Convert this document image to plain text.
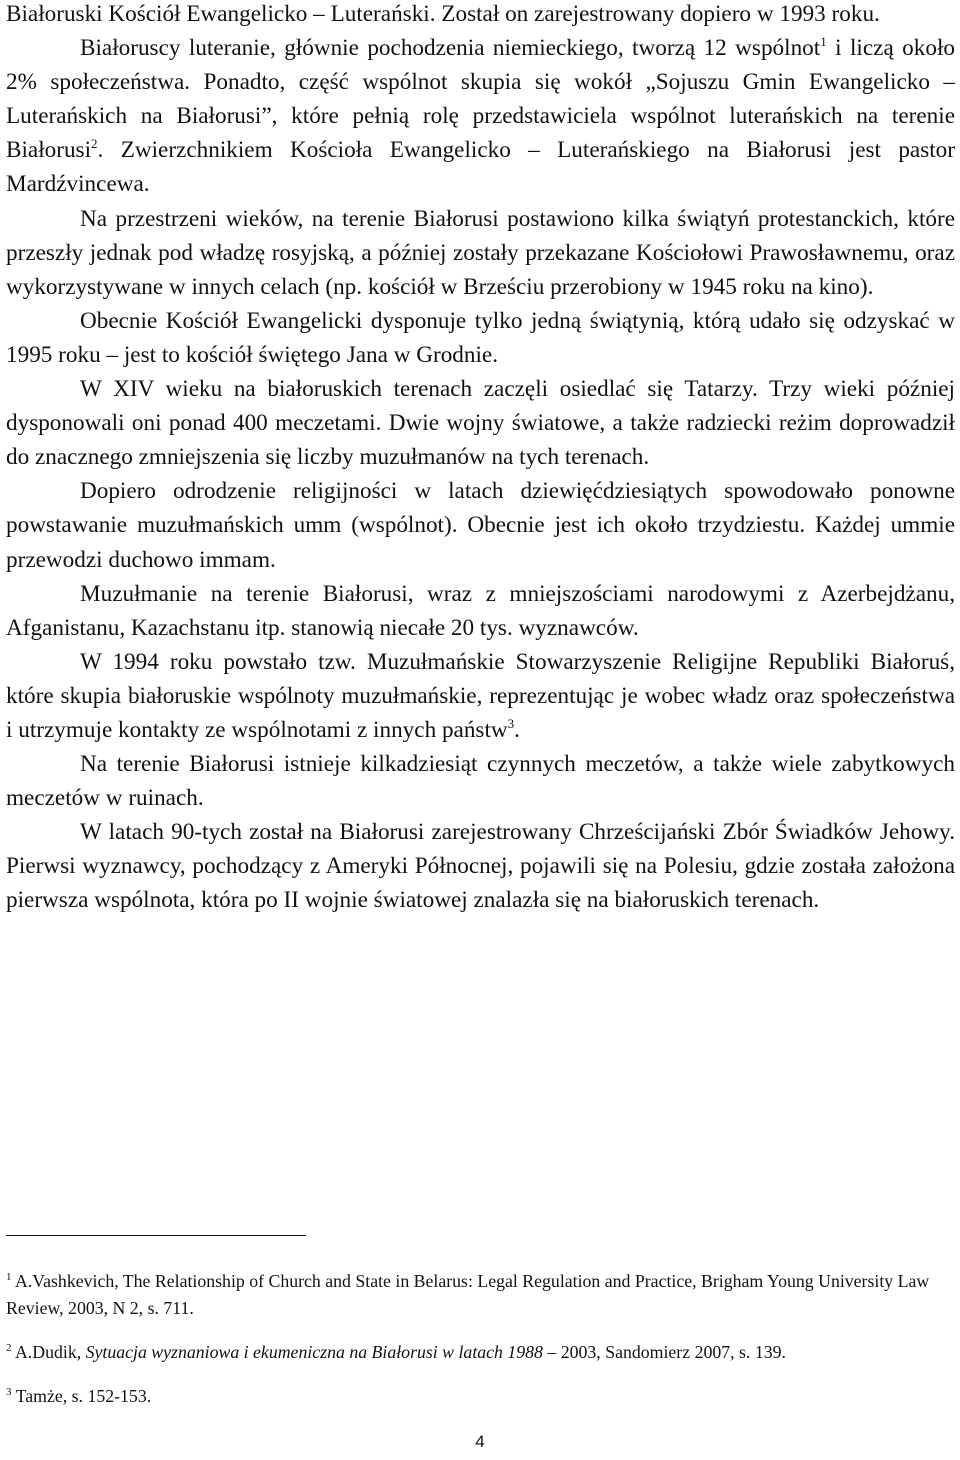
Białoruski Kościół Ewangelicko – Luterański. Został on zarejestrowany dopiero w 1993 roku.

Białoruscy luteranie, głównie pochodzenia niemieckiego, tworzą 12 wspólnot$^1$ i liczą około 2% społeczeństwa. Ponadto, część wspólnot skupia się wokół „Sojuszu Gmin Ewangelicko – Luterańskich na Białorusi”, które pełnią rolę przedstawiciela wspólnot luterańskich na terenie Białorusi$^2$. Zwierzchnikiem Kościoła Ewangelicko – Luterańskiego na Białorusi jest pastor Mardźvincewa.

Na przestrzeni wieków, na terenie Białorusi postawiono kilka świątyń protestanckich, które przeszły jednak pod władzę rosyjską, a później zostały przekazane Kościołowi Prawosławnemu, oraz wykorzystywane w innych celach (np. kościół w Brześciu przerobiony w 1945 roku na kino).

Obecnie Kościół Ewangelicki dysponuje tylko jedną świątynią, którą udało się odzyskać w 1995 roku – jest to kościół świętego Jana w Grodnie.

W XIV wieku na białoruskich terenach zaczęli osiedlać się Tatarzy. Trzy wieki później dysponowali oni ponad 400 meczetami. Dwie wojny światowe, a także radziecki reżim doprowadził do znacznego zmniejszenia się liczby muzułmanów na tych terenach.

Dopiero odrodzenie religijności w latach dziewięćdziesiątych spowodowało ponowne powstawanie muzułmańskich umm (wspólnot). Obecnie jest ich około trzydziestu. Każdej ummie przewodzi duchowo immam.

Muzułmanie na terenie Białorusi, wraz z mniejszościami narodowymi z Azerbejdżanu, Afganistanu, Kazachstanu itp. stanowią niecałe 20 tys. wyznawców.

W 1994 roku powstało tzw. Muzułmańskie Stowarzyszenie Religijne Republiki Białoruś, które skupia białoruskie wspólnoty muzułmańskie, reprezentując je wobec władz oraz społeczeństwa i utrzymuje kontakty ze wspólnotami z innych państw$^3$.

Na terenie Białorusi istnieje kilkadziesiąt czynnych meczetów, a także wiele zabytkowych meczetów w ruinach.

W latach 90-tych został na Białorusi zarejestrowany Chrześcijański Zbór Świadków Jehowy. Pierwsi wyznawcy, pochodzący z Ameryki Północnej, pojawili się na Polesiu, gdzie została założona pierwsza wspólnota, która po II wojnie światowej znalazła się na białoruskich terenach.

$^1$ A.Vashkevich, The Relationship of Church and State in Belarus: Legal Regulation and Practice, Brigham Young University Law Review, 2003, N 2, s. 711.

$^2$ A.Dudik, Sytuacja wyznaniowa i ekumeniczna na Białorusi w latach 1988 – 2003, Sandomierz 2007, s. 139.

$^3$ Tamże, s. 152-153.

4
